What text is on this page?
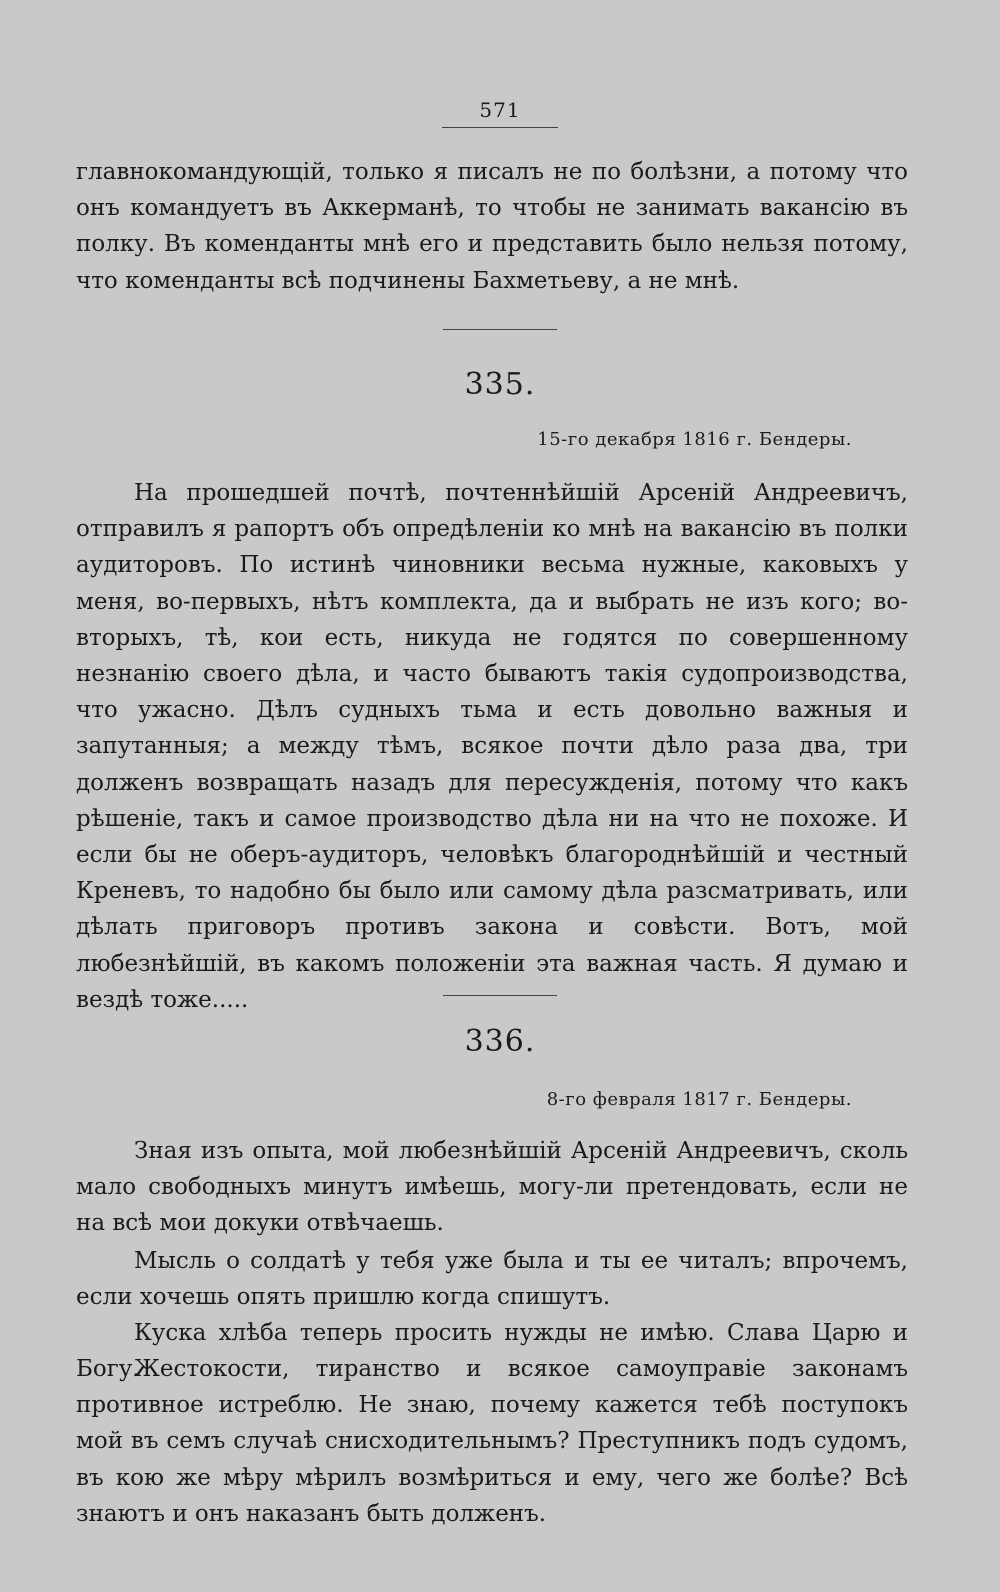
571

главнокомандующій, только я писалъ не по болѣзни, а потому что онъ командуетъ въ Аккерманѣ, то чтобы не занимать вакансію въ полку. Въ коменданты мнѣ его и представить было нельзя потому, что коменданты всѣ подчинены Бахметьеву, а не мнѣ.

335.
15-го декабря 1816 г. Бендеры.

На прошедшей почтѣ, почтеннѣйшій Арсеній Андреевичъ, отправилъ я рапортъ объ опредѣленіи ко мнѣ на вакансію въ полки аудиторовъ. По истинѣ чиновники весьма нужные, каковыхъ у меня, во-первыхъ, нѣтъ комплекта, да и выбрать не изъ кого; во-вторыхъ, тѣ, кои есть, никуда не годятся по совершенному незнанію своего дѣла, и часто бываютъ такія судопроизводства, что ужасно. Дѣлъ судныхъ тьма и есть довольно важныя и запутанныя; а между тѣмъ, всякое почти дѣло раза два, три долженъ возвращать назадъ для пересужденія, потому что какъ рѣшеніе, такъ и самое производство дѣла ни на что не похоже. И если бы не оберъ-аудиторъ, человѣкъ благороднѣйшій и честный Креневъ, то надобно бы было или самому дѣла разсматривать, или дѣлать приговоръ противъ закона и совѣсти. Вотъ, мой любезнѣйшій, въ какомъ положеніи эта важная часть. Я думаю и вездѣ тоже.....

336.
8-го февраля 1817 г. Бендеры.

Зная изъ опыта, мой любезнѣйшій Арсеній Андреевичъ, сколь мало свободныхъ минутъ имѣешь, могу-ли претендовать, если не на всѣ мои докуки отвѣчаешь.

Мысль о солдатѣ у тебя уже была и ты ее читалъ; впрочемъ, если хочешь опять пришлю когда спишутъ.

Куска хлѣба теперь просить нужды не имѣю. Слава Царю и Богу.

Жестокости, тиранство и всякое самоуправіе законамъ противное истреблю. Не знаю, почему кажется тебѣ поступокъ мой въ семъ случаѣ снисходительнымъ? Преступникъ подъ судомъ, въ кою же мѣру мѣрилъ возмѣриться и ему, чего же болѣе? Всѣ знаютъ и онъ наказанъ быть долженъ.
